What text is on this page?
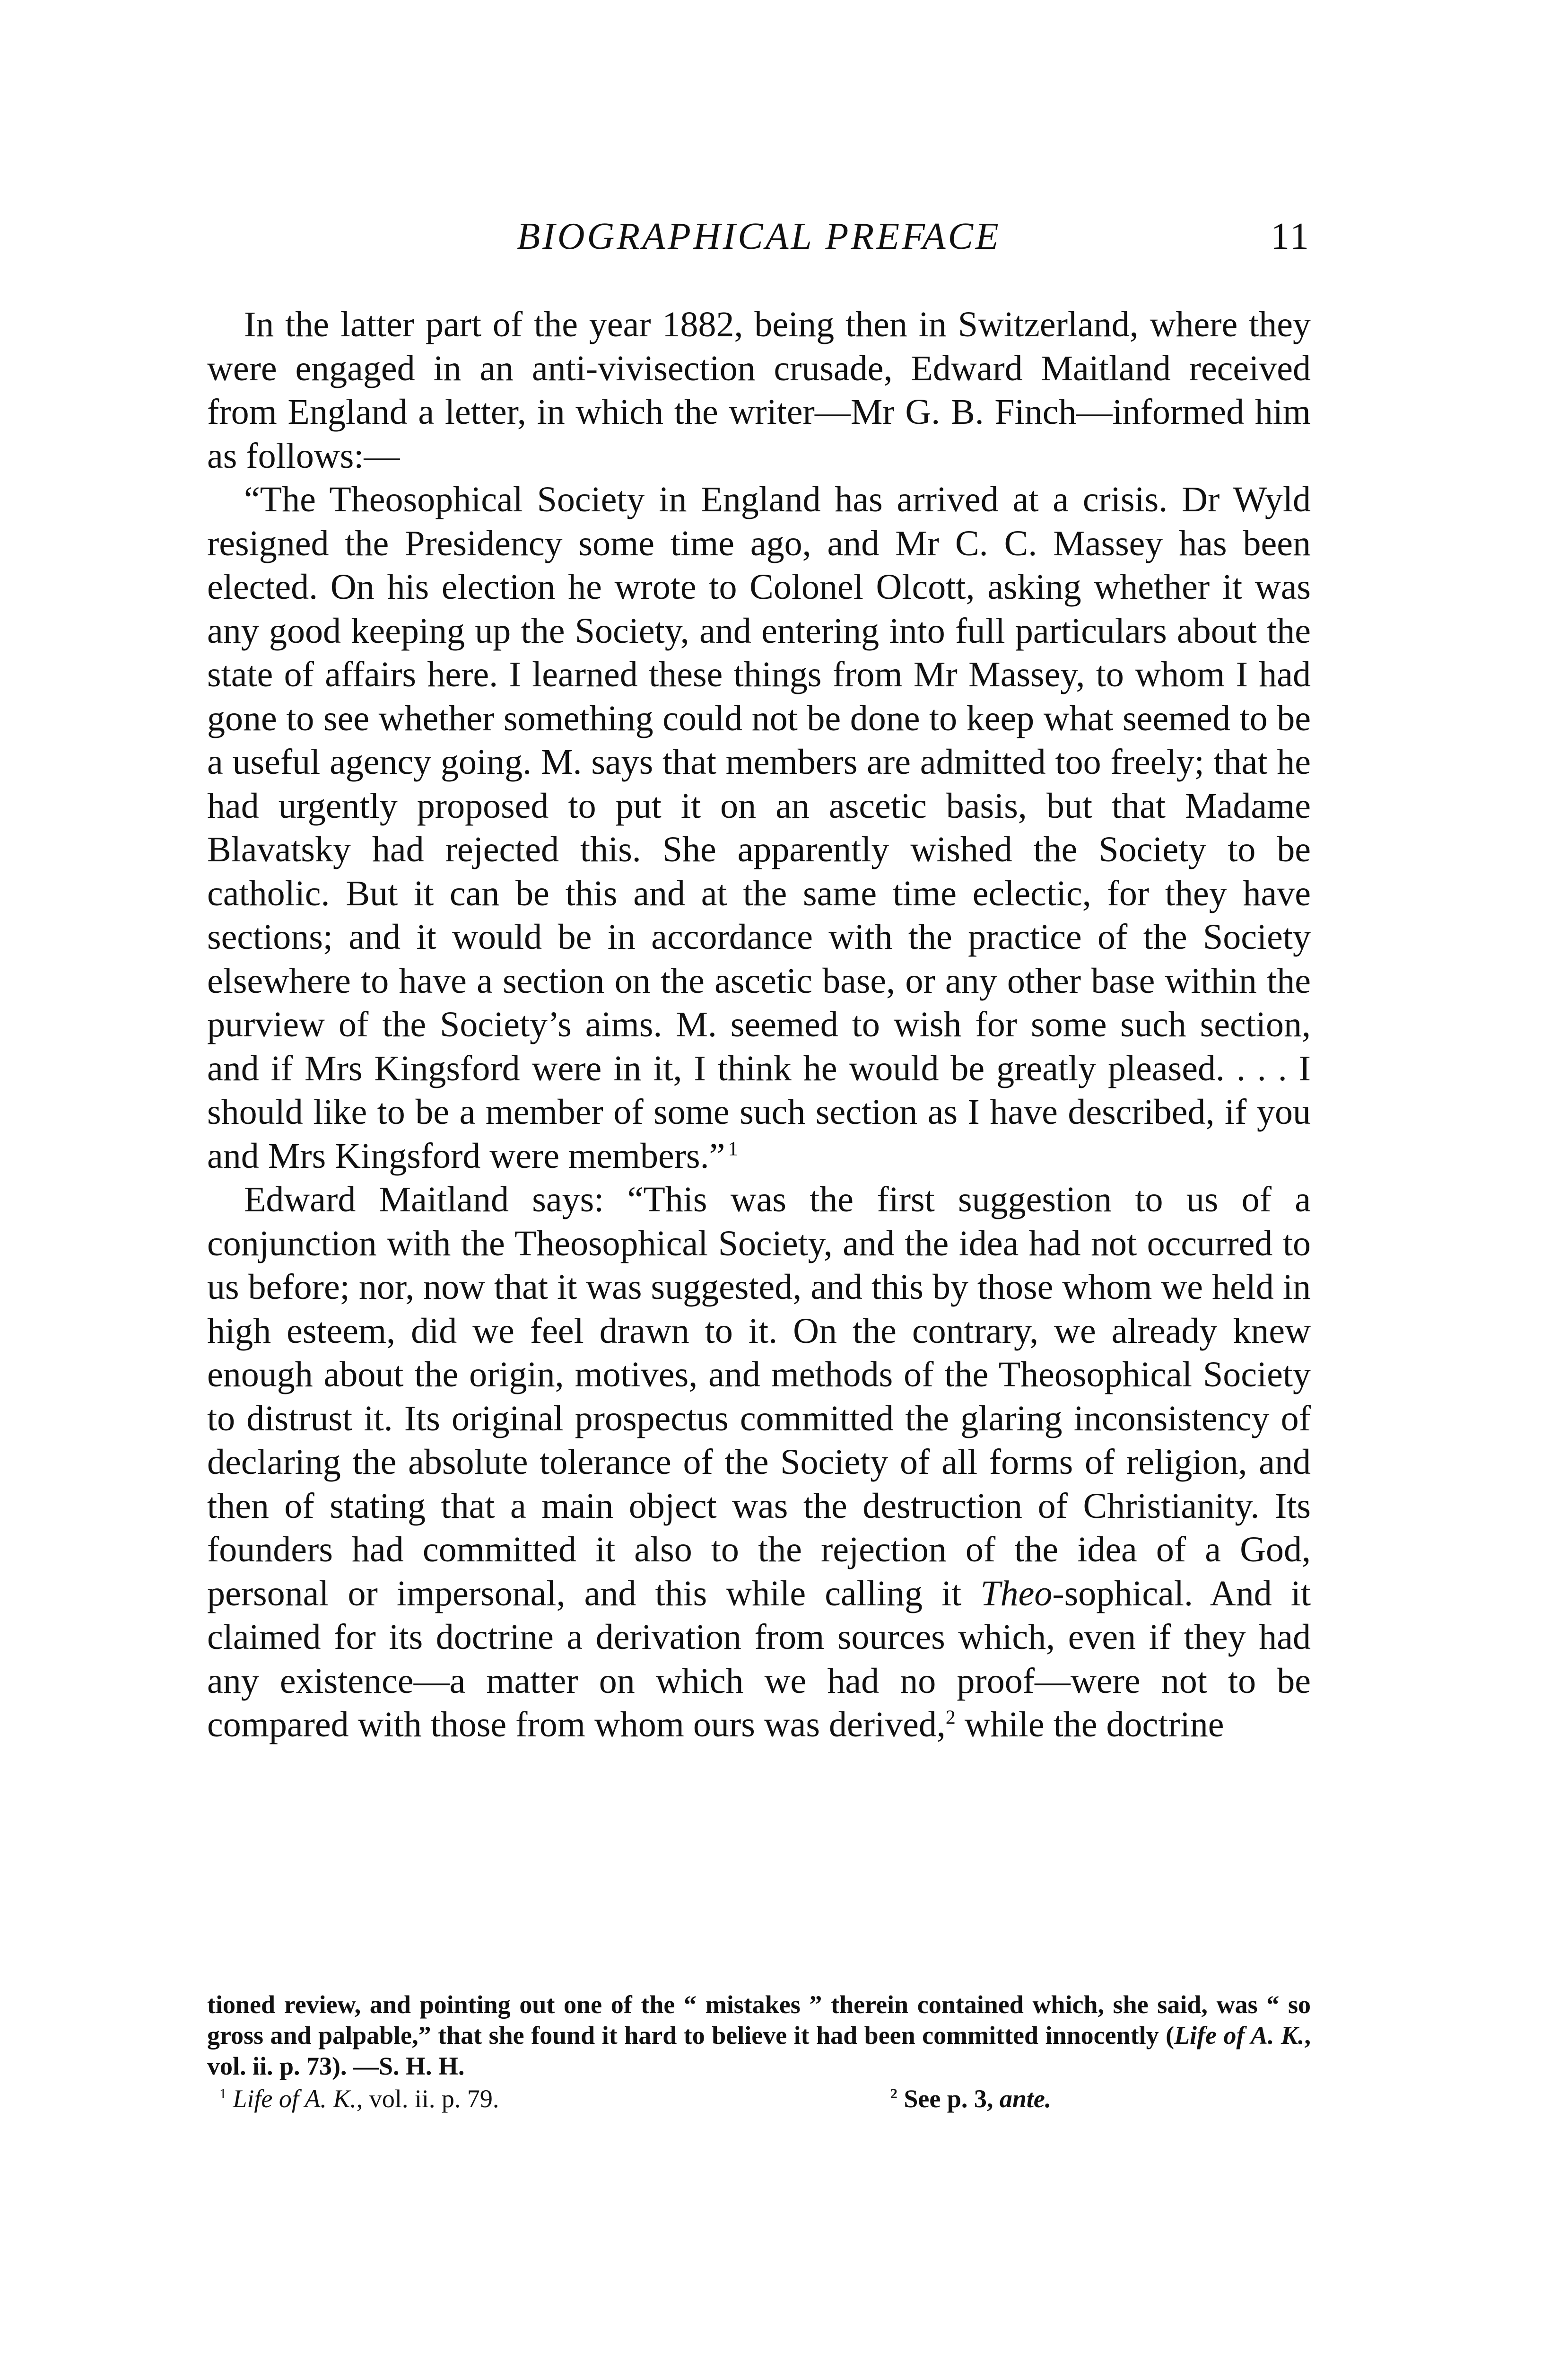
BIOGRAPHICAL PREFACE	11

In the latter part of the year 1882, being then in Switzerland, where they were engaged in an anti-vivisection crusade, Edward Maitland received from England a letter, in which the writer—Mr G. B. Finch—informed him as follows:—

“The Theosophical Society in England has arrived at a crisis. Dr Wyld resigned the Presidency some time ago, and Mr C. C. Massey has been elected. On his election he wrote to Colonel Olcott, asking whether it was any good keeping up the Society, and entering into full particulars about the state of affairs here. I learned these things from Mr Massey, to whom I had gone to see whether something could not be done to keep what seemed to be a useful agency going. M. says that members are admitted too freely; that he had urgently proposed to put it on an ascetic basis, but that Madame Blavatsky had rejected this. She apparently wished the Society to be catholic. But it can be this and at the same time eclectic, for they have sections; and it would be in accordance with the practice of the Society elsewhere to have a section on the ascetic base, or any other base within the purview of the Society’s aims. M. seemed to wish for some such section, and if Mrs Kingsford were in it, I think he would be greatly pleased. . . . I should like to be a member of some such section as I have described, if you and Mrs Kingsford were members.”  $^1$

Edward Maitland says: “This was the first suggestion to us of a conjunction with the Theosophical Society, and the idea had not occurred to us before; nor, now that it was suggested, and this by those whom we held in high esteem, did we feel drawn to it. On the contrary, we already knew enough about the origin, motives, and methods of the Theosophical Society to distrust it. Its original prospectus committed the glaring inconsistency of declaring the absolute tolerance of the Society of all forms of religion, and then of stating that a main object was the destruction of Christianity. Its founders had committed it also to the rejection of the idea of a God, personal or impersonal, and this while calling it Theo-sophical. And it claimed for its doctrine a derivation from sources which, even if they had any existence—a matter on which we had no proof—were not to be compared with those from whom ours was derived,$^2$ while the doctrine

tioned review, and pointing out one of the “ mistakes ” therein contained which, she said, was “ so gross and palpable,” that she found it hard to believe it had been committed innocently (Life of A. K., vol. ii. p. 73). —S. H. H.

$^1$ Life of A. K., vol. ii. p. 79.	$^2$ See p. 3, ante.
